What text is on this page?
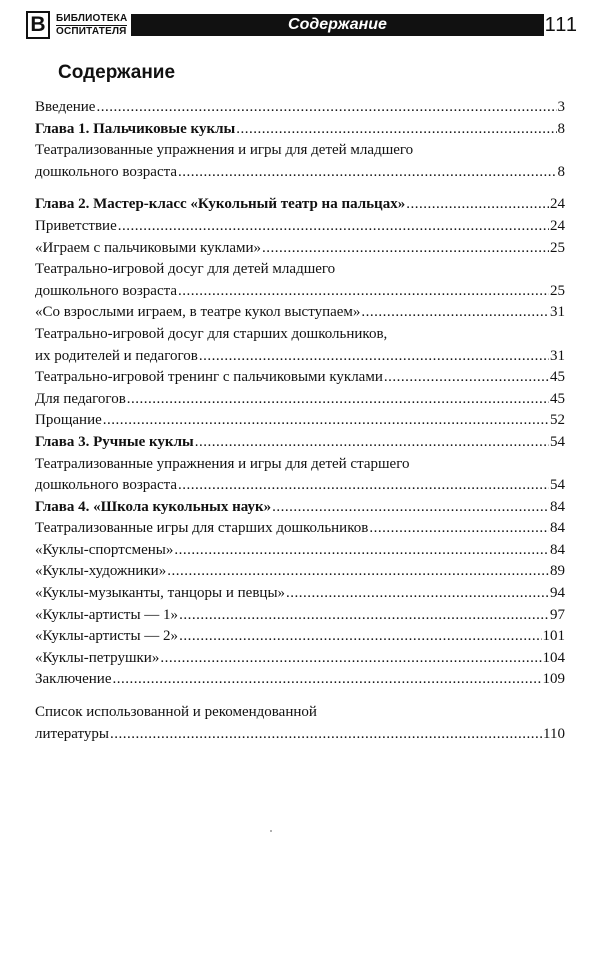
В	БИБЛИОТЕКА
ОСПИТАТЕЛЯ	Содержание	111
Содержание
Введение .....	3
Глава 1. Пальчиковые куклы .....	8
Театрализованные упражнения и игры для детей младшего
дошкольного возраста .....	8
Глава 2. Мастер-класс «Кукольный театр на пальцах» .....	24
Приветствие .....	24
«Играем с пальчиковыми куклами» .....	25
Театрально-игровой досуг для детей младшего
дошкольного возраста .....	25
«Со взрослыми играем, в театре кукол выступаем» .....	31
Театрально-игровой досуг для старших дошкольников,
их родителей и педагогов .....	31
Театрально-игровой тренинг с пальчиковыми куклами .....	45
Для педагогов .....	45
Прощание .....	52
Глава 3. Ручные куклы .....	54
Театрализованные упражнения и игры для детей старшего
дошкольного возраста .....	54
Глава 4. «Школа кукольных наук» .....	84
Театрализованные игры для старших дошкольников .....	84
«Куклы-спортсмены» .....	84
«Куклы-художники» .....	89
«Куклы-музыканты, танцоры и певцы» .....	94
«Куклы-артисты — 1» .....	97
«Куклы-артисты — 2» .....	101
«Куклы-петрушки» .....	104
Заключение .....	109
Список использованной и рекомендованной
литературы .....	110
